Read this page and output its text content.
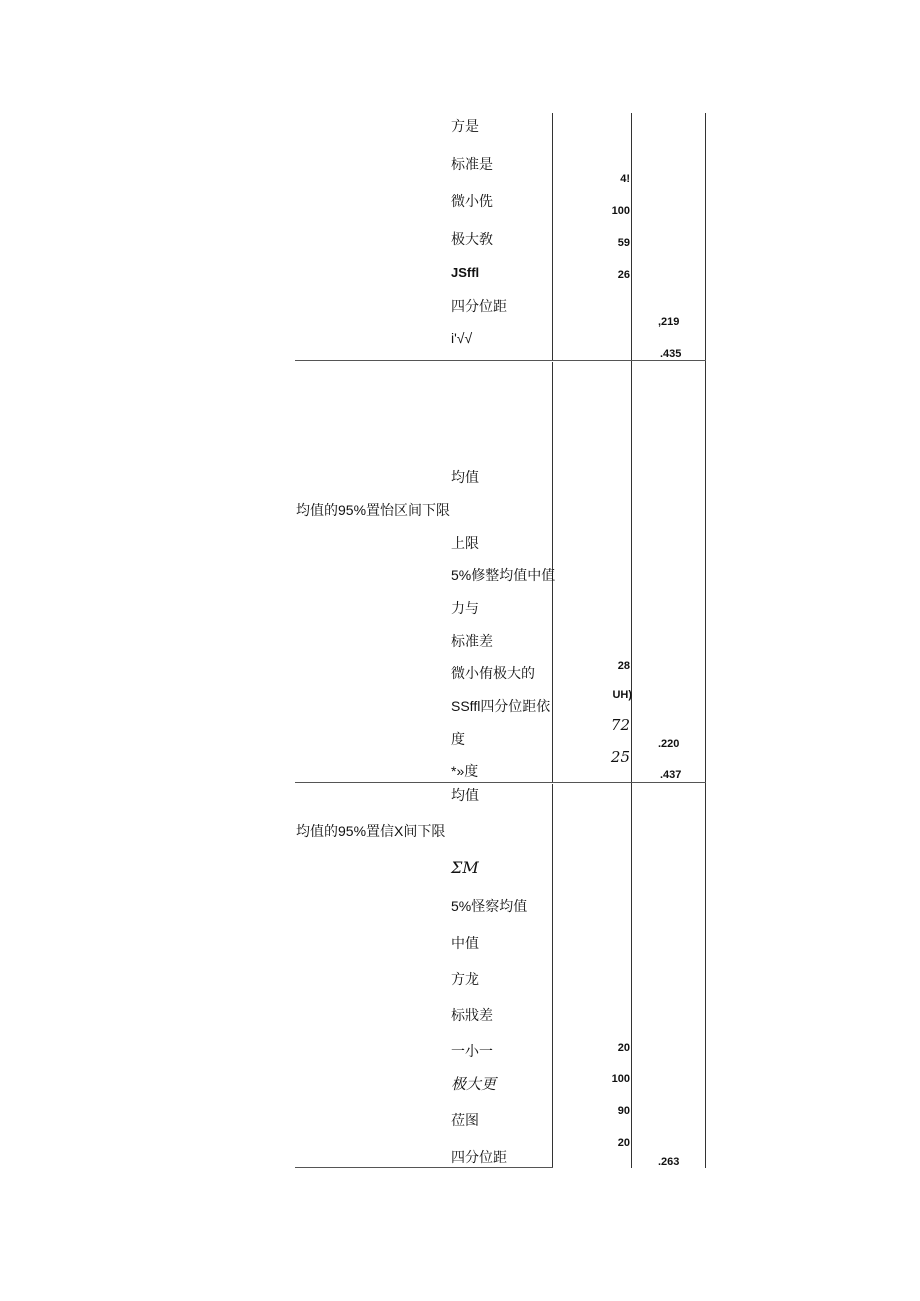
方是
标准是
微小侁
极大敎
JSffl
四分位距
i'√√
4!
100
59
26
,219
.435
均值的95%置怡区间下限
均值
上限
5%修整均值中值
力与
标准差
微小侑极大的
SSffl四分位距依
度
*»度
28
UH)
72
25
.220
.437
均值的95%置信X间下限
均值
ΣΜ
5%怪察均值
中值
方龙
标戕差
一小一
极大更
莅图
四分位距
20
100
90
20
.263
